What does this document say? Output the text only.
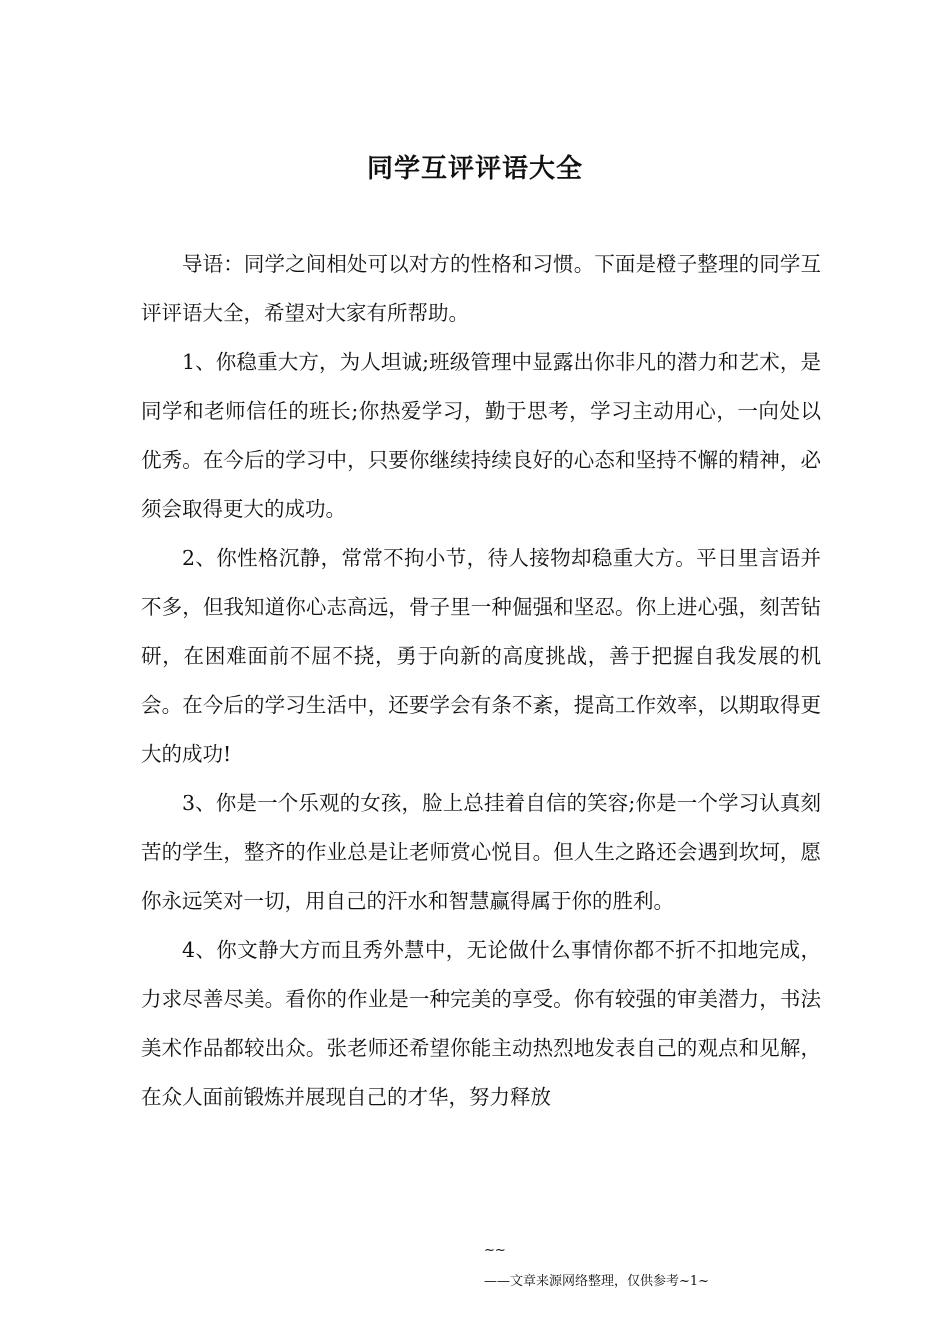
同学互评评语大全

导语：同学之间相处可以对方的性格和习惯。下面是橙子整理的同学互评评语大全，希望对大家有所帮助。

1、你稳重大方，为人坦诚;班级管理中显露出你非凡的潜力和艺术，是同学和老师信任的班长;你热爱学习，勤于思考，学习主动用心，一向处以优秀。在今后的学习中，只要你继续持续良好的心态和坚持不懈的精神，必须会取得更大的成功。

2、你性格沉静，常常不拘小节，待人接物却稳重大方。平日里言语并不多，但我知道你心志高远，骨子里一种倔强和坚忍。你上进心强，刻苦钻研，在困难面前不屈不挠，勇于向新的高度挑战，善于把握自我发展的机会。在今后的学习生活中，还要学会有条不紊，提高工作效率，以期取得更大的成功!

3、你是一个乐观的女孩，脸上总挂着自信的笑容;你是一个学习认真刻苦的学生，整齐的作业总是让老师赏心悦目。但人生之路还会遇到坎坷，愿你永远笑对一切，用自己的汗水和智慧赢得属于你的胜利。

4、你文静大方而且秀外慧中，无论做什么事情你都不折不扣地完成，力求尽善尽美。看你的作业是一种完美的享受。你有较强的审美潜力，书法美术作品都较出众。张老师还希望你能主动热烈地发表自己的观点和见解，在众人面前锻炼并展现自己的才华，努力释放

~~
——文章来源网络整理，仅供参考~1~
